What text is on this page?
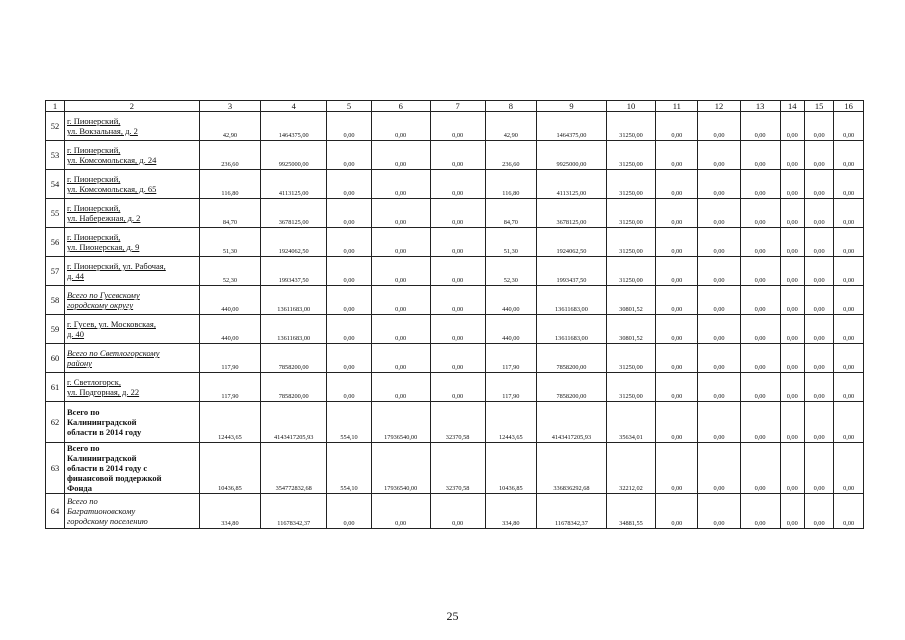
1	2	3	4	5	6	7	8	9	10	11	12	13	14	15	16
52	г. Пионерский,
ул. Вокзальная, д. 2	42,90	1464375,00	0,00	0,00	0,00	42,90	1464375,00	31250,00	0,00	0,00	0,00	0,00	0,00	0,00
53	г. Пионерский,
ул. Комсомольская, д. 24	236,60	9925000,00	0,00	0,00	0,00	236,60	9925000,00	31250,00	0,00	0,00	0,00	0,00	0,00	0,00
54	г. Пионерский,
ул. Комсомольская, д. 65	116,80	4113125,00	0,00	0,00	0,00	116,80	4113125,00	31250,00	0,00	0,00	0,00	0,00	0,00	0,00
55	г. Пионерский,
ул. Набережная, д. 2	84,70	3678125,00	0,00	0,00	0,00	84,70	3678125,00	31250,00	0,00	0,00	0,00	0,00	0,00	0,00
56	г. Пионерский,
ул. Пионерская, д. 9	51,30	1924062,50	0,00	0,00	0,00	51,30	1924062,50	31250,00	0,00	0,00	0,00	0,00	0,00	0,00
57	г. Пионерский, ул. Рабочая,
д. 44	52,30	1993437,50	0,00	0,00	0,00	52,30	1993437,50	31250,00	0,00	0,00	0,00	0,00	0,00	0,00
58	Всего по Гусевскому
городскому округу	440,00	13611683,00	0,00	0,00	0,00	440,00	13611683,00	30801,52	0,00	0,00	0,00	0,00	0,00	0,00
59	г. Гусев, ул. Московская,
д. 40	440,00	13611683,00	0,00	0,00	0,00	440,00	13611683,00	30801,52	0,00	0,00	0,00	0,00	0,00	0,00
60	Всего по Светлогорскому
району	117,90	7858200,00	0,00	0,00	0,00	117,90	7858200,00	31250,00	0,00	0,00	0,00	0,00	0,00	0,00
61	г. Светлогорск,
ул. Подгорная, д. 22	117,90	7858200,00	0,00	0,00	0,00	117,90	7858200,00	31250,00	0,00	0,00	0,00	0,00	0,00	0,00
62	Всего по
Калининградской
области в 2014 году	12443,65	4143417205,93	554,10	17936540,00	32370,58	12443,65	4143417205,93	35634,01	0,00	0,00	0,00	0,00	0,00	0,00
63	Всего по
Калининградской
области в 2014 году с
финансовой поддержкой
Фонда	10436,85	354772832,68	554,10	17936540,00	32370,58	10436,85	336836292,68	32212,02	0,00	0,00	0,00	0,00	0,00	0,00
64	Всего по
Багратионовскому
городскому поселению	334,80	11678342,37	0,00	0,00	0,00	334,80	11678342,37	34881,55	0,00	0,00	0,00	0,00	0,00	0,00
25
